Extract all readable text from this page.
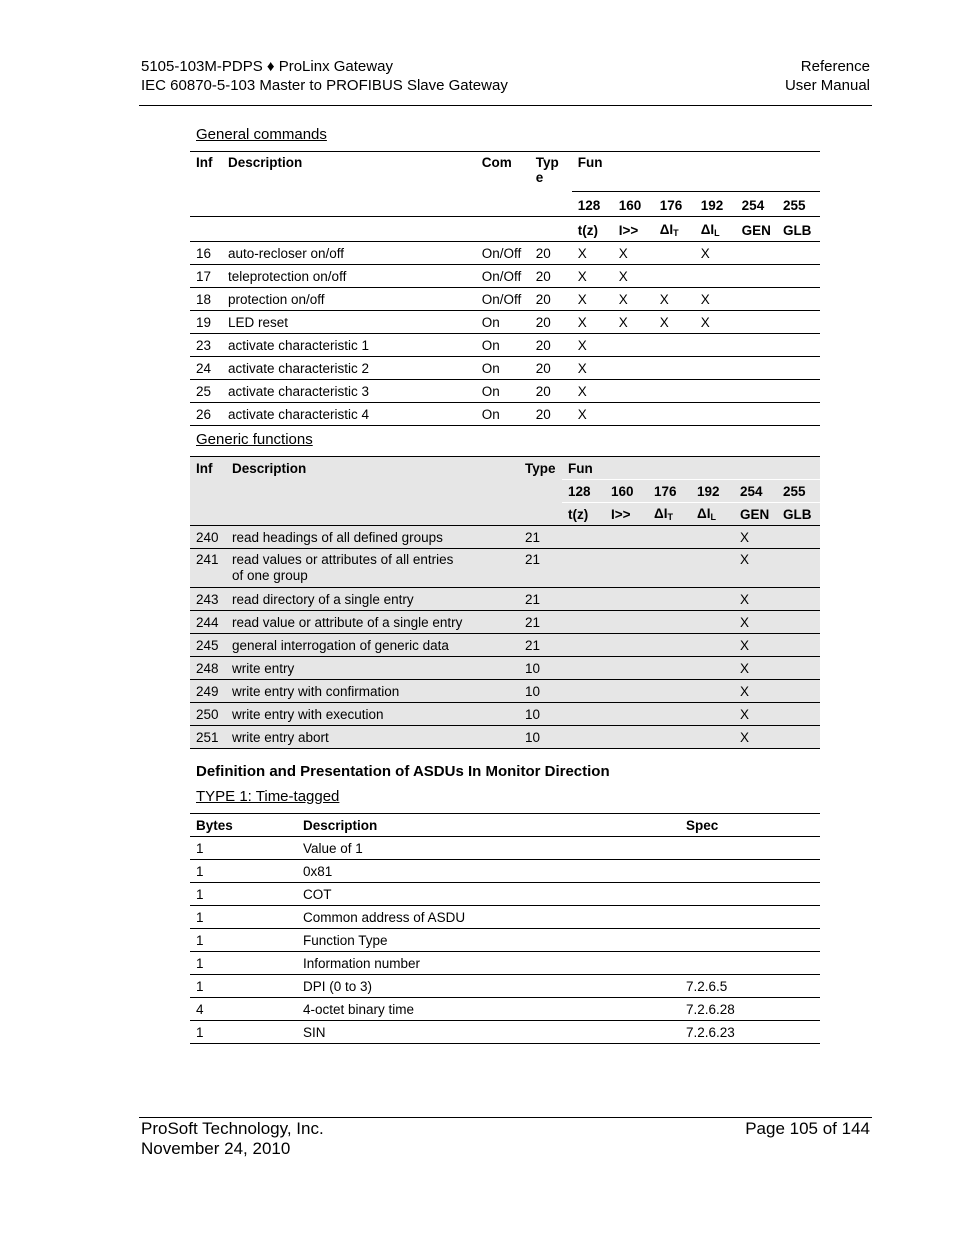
5105-103M-PDPS ♦ ProLinx Gateway
IEC 60870-5-103 Master to PROFIBUS Slave Gateway
Reference
User Manual
General commands
Inf	Description	Com	Typ e	Fun					
				128	160	176	192	254	255
				t(z)	I>>	$\Delta I_T$	$\Delta I_L$	GEN	GLB
16	auto-recloser on/off	On/Off	20	X	X		X		
17	teleprotection on/off	On/Off	20	X	X				
18	protection on/off	On/Off	20	X	X	X	X		
19	LED reset	On	20	X	X	X	X		
23	activate characteristic 1	On	20	X					
24	activate characteristic 2	On	20	X					
25	activate characteristic 3	On	20	X					
26	activate characteristic 4	On	20	X					
Generic functions
Inf	Description	Type	Fun					
			128	160	176	192	254	255
			t(z)	I>>	$\Delta I_T$	$\Delta I_L$	GEN	GLB
240	read headings of all defined groups	21					X	
241	read values or attributes of all entries
of one group	21					X	
243	read directory of a single entry	21					X	
244	read value or attribute of a single entry	21					X	
245	general interrogation of generic data	21					X	
248	write entry	10					X	
249	write entry with confirmation	10					X	
250	write entry with execution	10					X	
251	write entry abort	10					X	
Definition and Presentation of ASDUs In Monitor Direction
TYPE 1: Time-tagged
Bytes	Description	Spec
1	Value of 1	
1	0x81	
1	COT	
1	Common address of ASDU	
1	Function Type	
1	Information number	
1	DPI (0 to 3)	7.2.6.5
4	4-octet binary time	7.2.6.28
1	SIN	7.2.6.23
ProSoft Technology, Inc.
November 24, 2010
Page 105 of 144
